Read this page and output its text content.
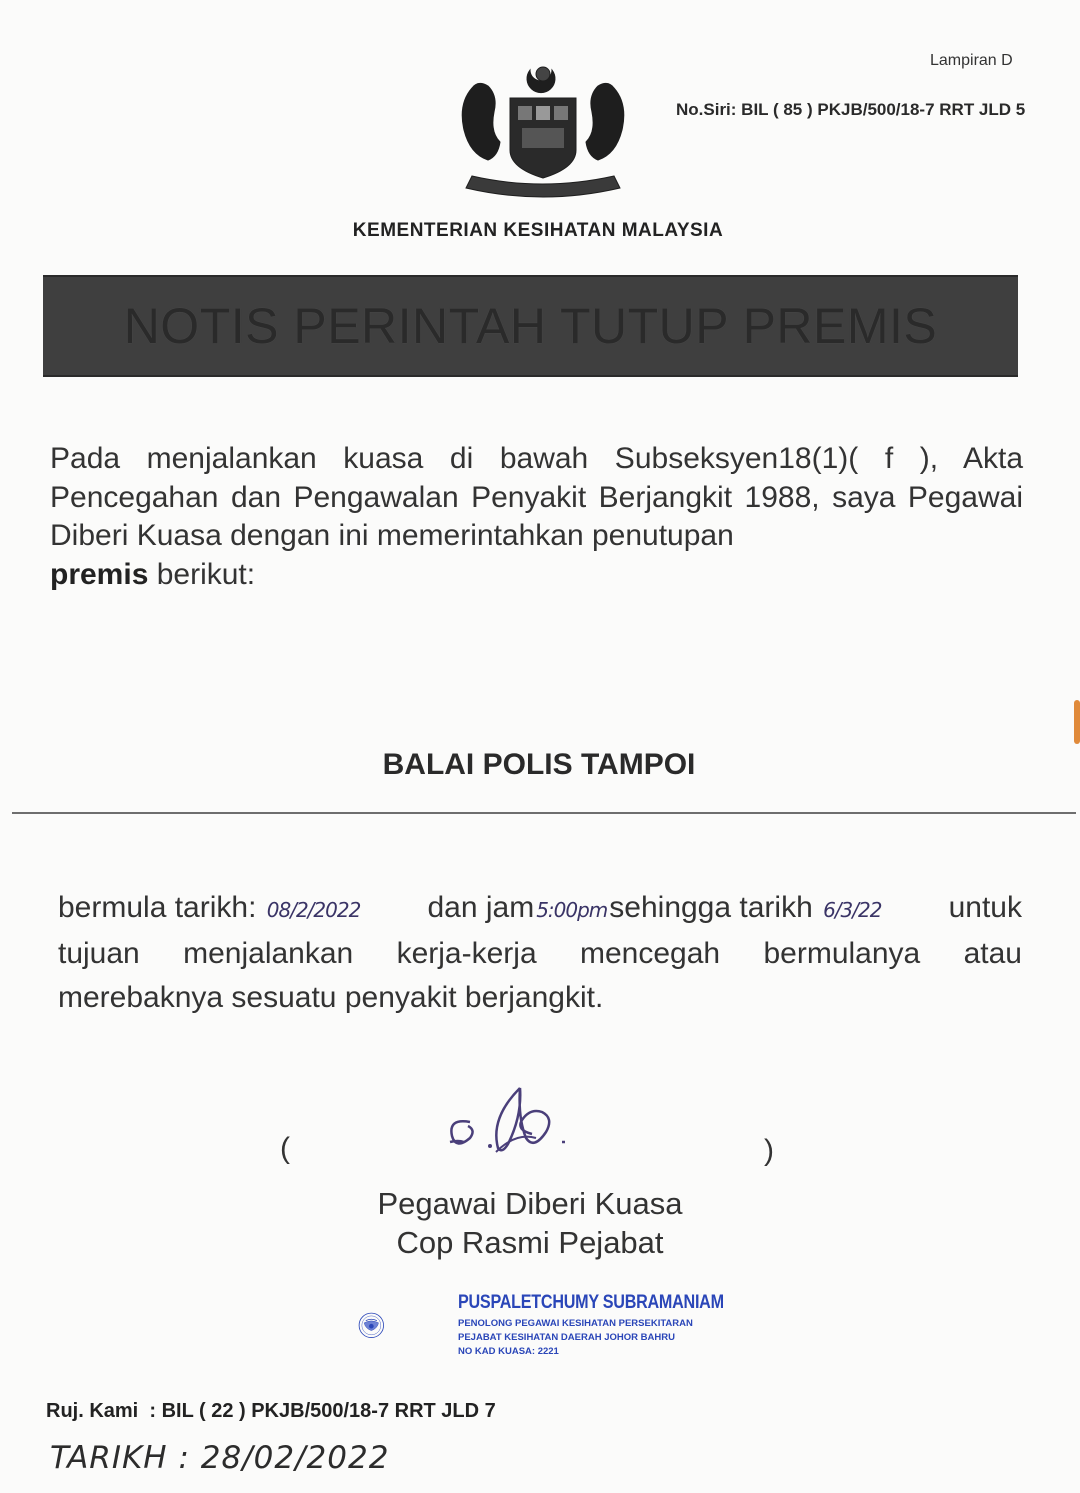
Lampiran D
No.Siri: BIL ( 85 ) PKJB/500/18-7 RRT JLD 5
KEMENTERIAN KESIHATAN MALAYSIA
NOTIS PERINTAH TUTUP PREMIS
Pada menjalankan kuasa di bawah Subseksyen18(1)( f ), Akta Pencegahan dan Pengawalan Penyakit Berjangkit 1988, saya Pegawai Diberi Kuasa dengan ini memerintahkan penutupan
premis berikut:
BALAI POLIS TAMPOI
bermula tarikh: 08/2/2022 dan jam 5:00pmsehingga tarikh 6/3/22 untuk
tujuan menjalankan kerja-kerja mencegah bermulanya atau
merebaknya sesuatu penyakit berjangkit.
(	)
Pegawai Diberi Kuasa
Cop Rasmi Pejabat
PUSPALETCHUMY SUBRAMANIAM
PENOLONG PEGAWAI KESIHATAN PERSEKITARAN
PEJABAT KESIHATAN DAERAH JOHOR BAHRU
NO KAD KUASA: 2221
Ruj. Kami  : BIL ( 22 ) PKJB/500/18-7 RRT JLD 7
TARIKH : 28/02/2022
